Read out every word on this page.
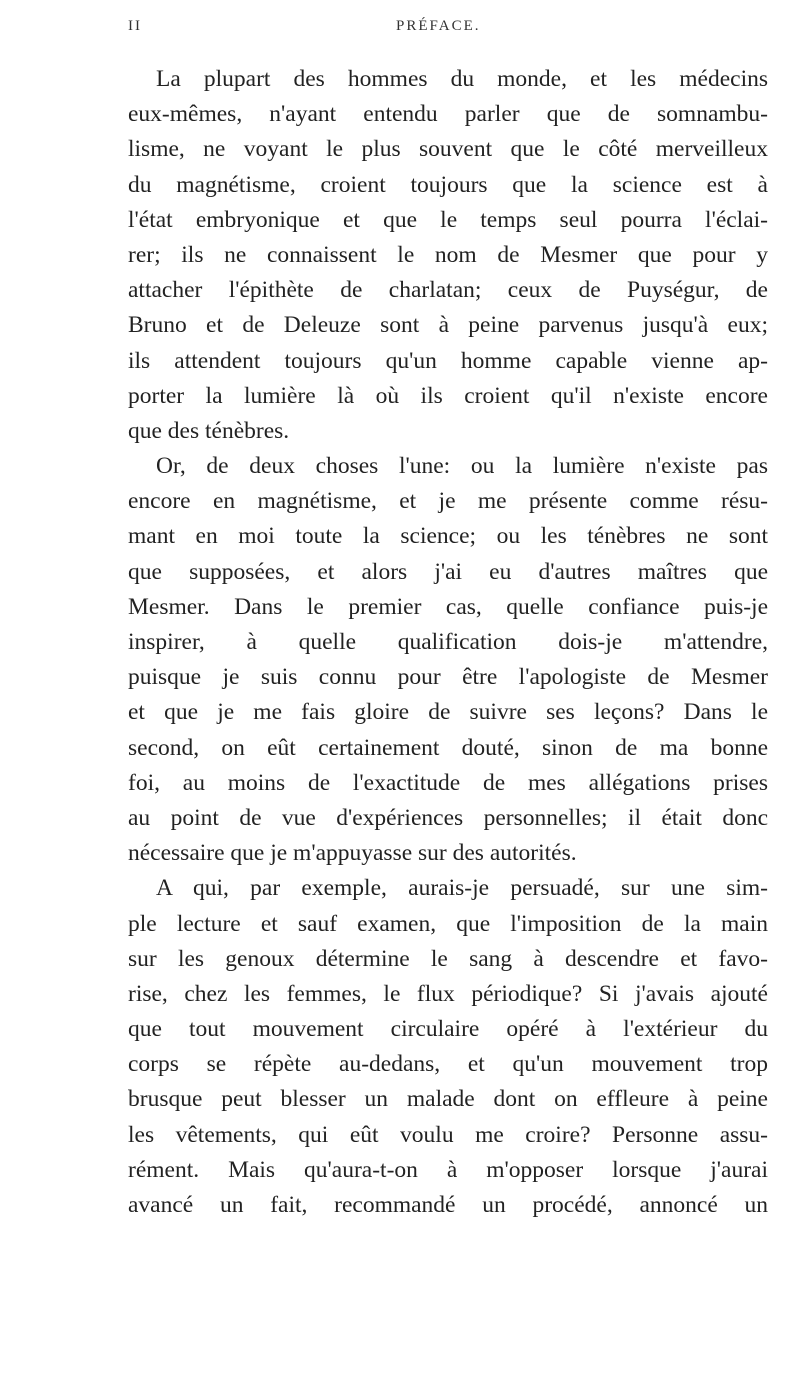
II	PRÉFACE.
La plupart des hommes du monde, et les médecins
eux-mêmes, n'ayant entendu parler que de somnambu-
lisme, ne voyant le plus souvent que le côté merveilleux
du magnétisme, croient toujours que la science est à
l'état embryonique et que le temps seul pourra l'éclai-
rer; ils ne connaissent le nom de Mesmer que pour y
attacher l'épithète de charlatan; ceux de Puységur, de
Bruno et de Deleuze sont à peine parvenus jusqu'à eux;
ils attendent toujours qu'un homme capable vienne ap-
porter la lumière là où ils croient qu'il n'existe encore
que des ténèbres.
Or, de deux choses l'une: ou la lumière n'existe pas
encore en magnétisme, et je me présente comme résu-
mant en moi toute la science; ou les ténèbres ne sont
que supposées, et alors j'ai eu d'autres maîtres que
Mesmer. Dans le premier cas, quelle confiance puis-je
inspirer, à quelle qualification dois-je m'attendre,
puisque je suis connu pour être l'apologiste de Mesmer
et que je me fais gloire de suivre ses leçons? Dans le
second, on eût certainement douté, sinon de ma bonne
foi, au moins de l'exactitude de mes allégations prises
au point de vue d'expériences personnelles; il était donc
nécessaire que je m'appuyasse sur des autorités.
A qui, par exemple, aurais-je persuadé, sur une sim-
ple lecture et sauf examen, que l'imposition de la main
sur les genoux détermine le sang à descendre et favo-
rise, chez les femmes, le flux périodique? Si j'avais ajouté
que tout mouvement circulaire opéré à l'extérieur du
corps se répète au-dedans, et qu'un mouvement trop
brusque peut blesser un malade dont on effleure à peine
les vêtements, qui eût voulu me croire? Personne assu-
rément. Mais qu'aura-t-on à m'opposer lorsque j'aurai
avancé un fait, recommandé un procédé, annoncé un
